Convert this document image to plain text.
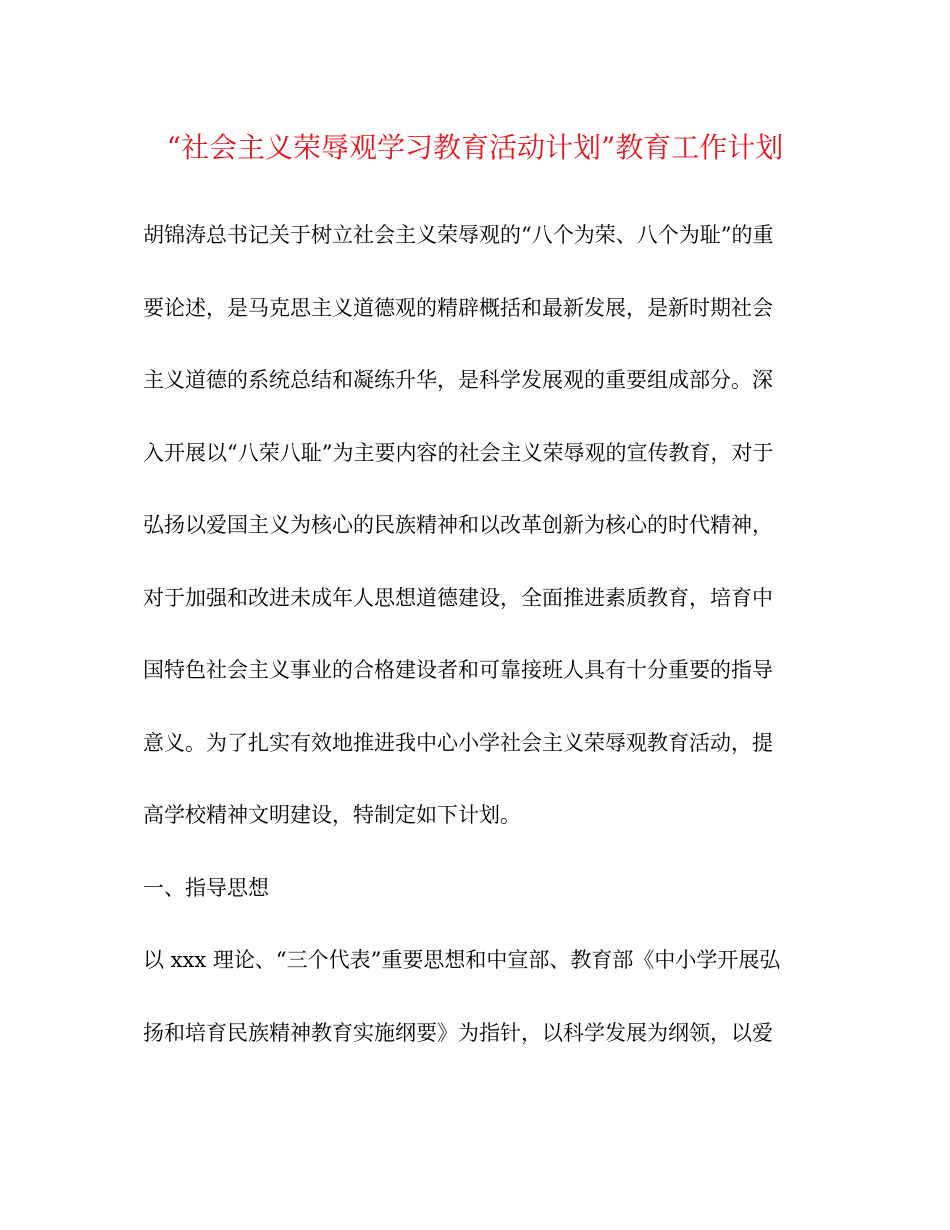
“社会主义荣辱观学习教育活动计划”教育工作计划
胡锦涛总书记关于树立社会主义荣辱观的“八个为荣、八个为耻”的重
要论述，是马克思主义道德观的精辟概括和最新发展，是新时期社会
主义道德的系统总结和凝练升华，是科学发展观的重要组成部分。深
入开展以“八荣八耻”为主要内容的社会主义荣辱观的宣传教育，对于
弘扬以爱国主义为核心的民族精神和以改革创新为核心的时代精神，
对于加强和改进未成年人思想道德建设，全面推进素质教育，培育中
国特色社会主义事业的合格建设者和可靠接班人具有十分重要的指导
意义。为了扎实有效地推进我中心小学社会主义荣辱观教育活动，提
高学校精神文明建设，特制定如下计划。
一、指导思想
以 xxx 理论、“三个代表”重要思想和中宣部、教育部《中小学开展弘
扬和培育民族精神教育实施纲要》为指针，以科学发展为纲领，以爱
